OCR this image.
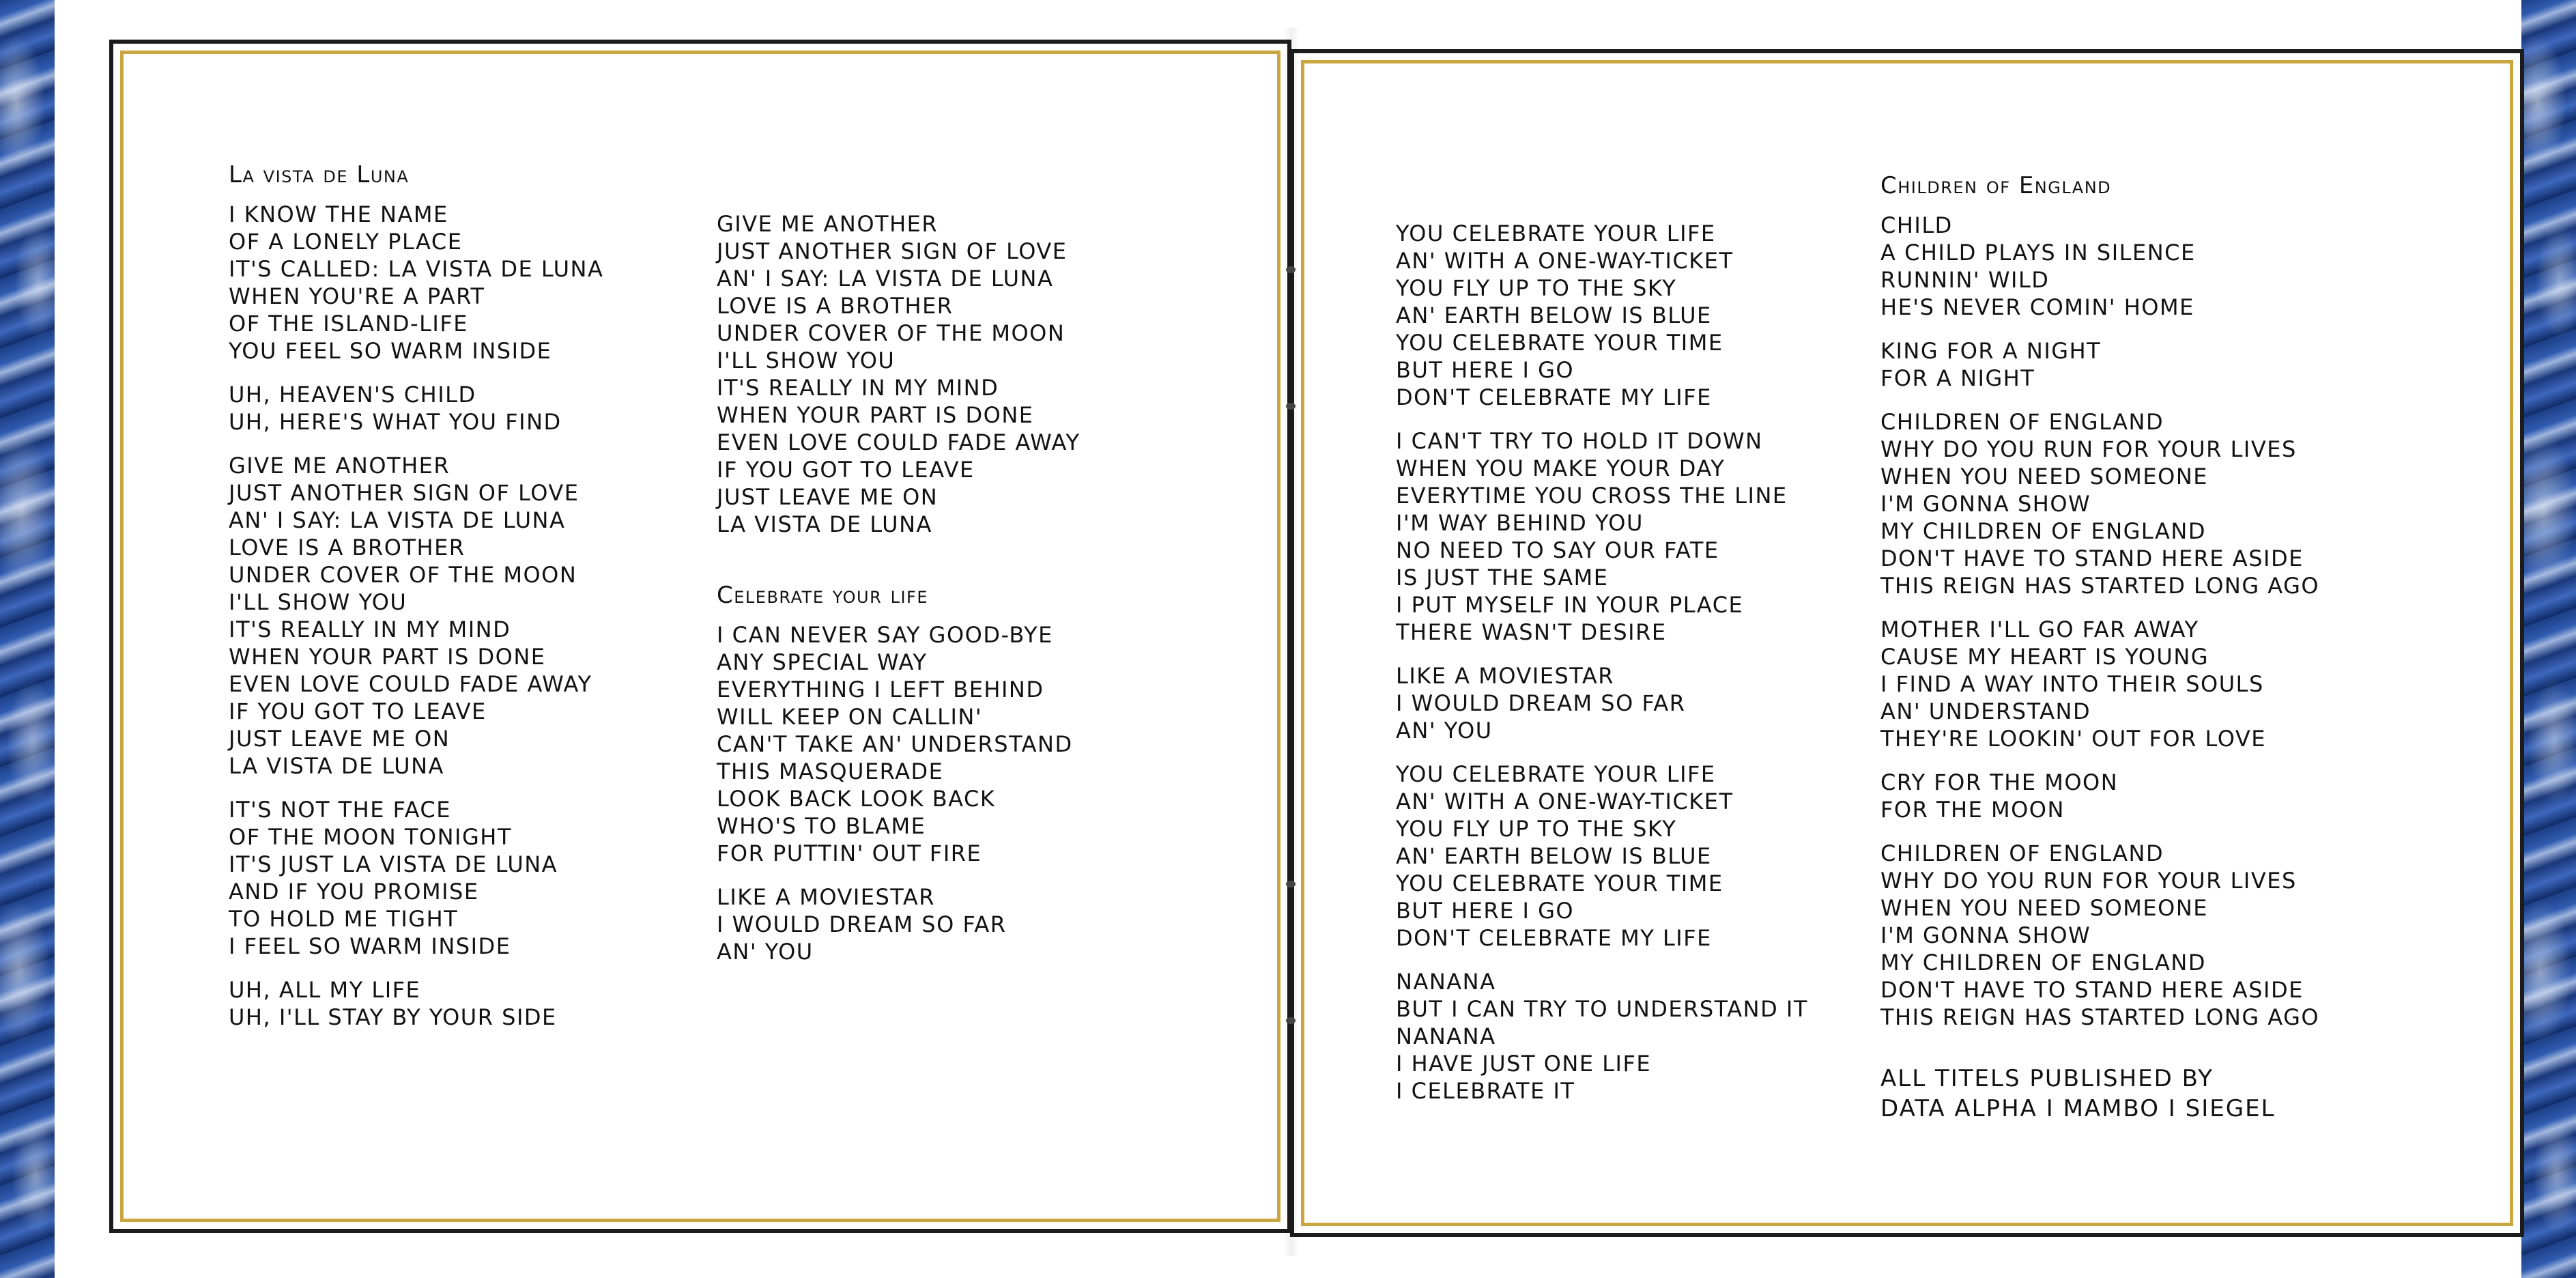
La vista de Luna
I KNOW THE NAME
OF A LONELY PLACE
IT'S CALLED: LA VISTA DE LUNA
WHEN YOU'RE A PART
OF THE ISLAND-LIFE
YOU FEEL SO WARM INSIDE
UH, HEAVEN'S CHILD
UH, HERE'S WHAT YOU FIND
GIVE ME ANOTHER
JUST ANOTHER SIGN OF LOVE
AN' I SAY: LA VISTA DE LUNA
LOVE IS A BROTHER
UNDER COVER OF THE MOON
I'LL SHOW YOU
IT'S REALLY IN MY MIND
WHEN YOUR PART IS DONE
EVEN LOVE COULD FADE AWAY
IF YOU GOT TO LEAVE
JUST LEAVE ME ON
LA VISTA DE LUNA
IT'S NOT THE FACE
OF THE MOON TONIGHT
IT'S JUST LA VISTA DE LUNA
AND IF YOU PROMISE
TO HOLD ME TIGHT
I FEEL SO WARM INSIDE
UH, ALL MY LIFE
UH, I'LL STAY BY YOUR SIDE
GIVE ME ANOTHER
JUST ANOTHER SIGN OF LOVE
AN' I SAY: LA VISTA DE LUNA
LOVE IS A BROTHER
UNDER COVER OF THE MOON
I'LL SHOW YOU
IT'S REALLY IN MY MIND
WHEN YOUR PART IS DONE
EVEN LOVE COULD FADE AWAY
IF YOU GOT TO LEAVE
JUST LEAVE ME ON
LA VISTA DE LUNA
Celebrate your life
I CAN NEVER SAY GOOD-BYE
ANY SPECIAL WAY
EVERYTHING I LEFT BEHIND
WILL KEEP ON CALLIN'
CAN'T TAKE AN' UNDERSTAND
THIS MASQUERADE
LOOK BACK LOOK BACK
WHO'S TO BLAME
FOR PUTTIN' OUT FIRE
LIKE A MOVIESTAR
I WOULD DREAM SO FAR
AN' YOU
YOU CELEBRATE YOUR LIFE
AN' WITH A ONE-WAY-TICKET
YOU FLY UP TO THE SKY
AN' EARTH BELOW IS BLUE
YOU CELEBRATE YOUR TIME
BUT HERE I GO
DON'T CELEBRATE MY LIFE
I CAN'T TRY TO HOLD IT DOWN
WHEN YOU MAKE YOUR DAY
EVERYTIME YOU CROSS THE LINE
I'M WAY BEHIND YOU
NO NEED TO SAY OUR FATE
IS JUST THE SAME
I PUT MYSELF IN YOUR PLACE
THERE WASN'T DESIRE
LIKE A MOVIESTAR
I WOULD DREAM SO FAR
AN' YOU
YOU CELEBRATE YOUR LIFE
AN' WITH A ONE-WAY-TICKET
YOU FLY UP TO THE SKY
AN' EARTH BELOW IS BLUE
YOU CELEBRATE YOUR TIME
BUT HERE I GO
DON'T CELEBRATE MY LIFE
NANANA
BUT I CAN TRY TO UNDERSTAND IT
NANANA
I HAVE JUST ONE LIFE
I CELEBRATE IT
Children of England
CHILD
A CHILD PLAYS IN SILENCE
RUNNIN' WILD
HE'S NEVER COMIN' HOME
KING FOR A NIGHT
FOR A NIGHT
CHILDREN OF ENGLAND
WHY DO YOU RUN FOR YOUR LIVES
WHEN YOU NEED SOMEONE
I'M GONNA SHOW
MY CHILDREN OF ENGLAND
DON'T HAVE TO STAND HERE ASIDE
THIS REIGN HAS STARTED LONG AGO
MOTHER I'LL GO FAR AWAY
CAUSE MY HEART IS YOUNG
I FIND A WAY INTO THEIR SOULS
AN' UNDERSTAND
THEY'RE LOOKIN' OUT FOR LOVE
CRY FOR THE MOON
FOR THE MOON
CHILDREN OF ENGLAND
WHY DO YOU RUN FOR YOUR LIVES
WHEN YOU NEED SOMEONE
I'M GONNA SHOW
MY CHILDREN OF ENGLAND
DON'T HAVE TO STAND HERE ASIDE
THIS REIGN HAS STARTED LONG AGO
ALL TITELS PUBLISHED BY
DATA ALPHA I MAMBO I SIEGEL
